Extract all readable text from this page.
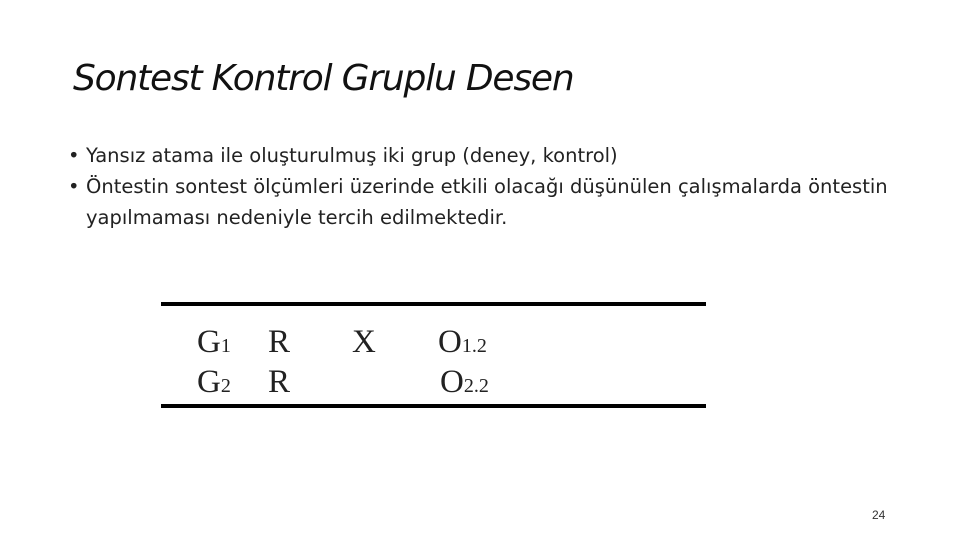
Sontest Kontrol Gruplu Desen
• Yansız atama ile oluşturulmuş iki grup (deney, kontrol)
• Öntestin sontest ölçümleri üzerinde etkili olacağı düşünülen çalışmalarda öntestin yapılmaması nedeniyle tercih edilmektedir.
G1 R X O1.2
G2 R	O2.2
24
